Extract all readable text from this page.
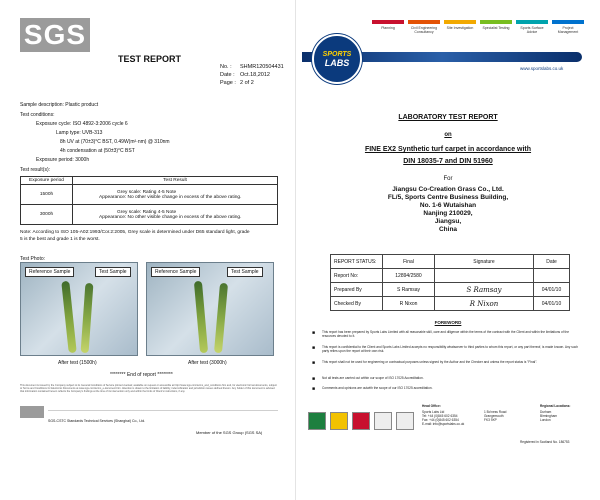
SGS
TEST REPORT
No. : SHMR120504431
Date : Oct.18,2012
Page : 2 of 2
Sample description: Plastic product
Test conditions:
Exposure cycle: ISO 4892-3:2006 cycle 6
Lamp type: UVB-313
8h UV at (70±3)°C BST, 0.49W(m²·nm) @ 310nm
4h condensation at (50±3)°C BST
Exposure period: 3000h
Test result(s):
Exposure period	Test Result
1500h	Grey scale: Rating 4-5 Note
Appearance: No other visible change in excess of the above rating.

3000h	Grey scale: Rating 4-5 Note
Appearance: No other visible change in excess of the above rating.
Note: According to ISO 105-A02:1993/Cor.2:2005, Grey scale is determined under D65 standard light, grade
5 is the best and grade 1 is the worst.
Test Photo:
Reference Sample	Test Sample
After test (1500h)
Reference Sample	Test Sample
After test (3000h)
******** End of report ********
This document is issued by the Company subject to its General Conditions of Service printed overleaf, available on request or accessible at http://www.sgs.com/terms_and_conditions.htm and, for electronic format documents, subject to Terms and Conditions for Electronic Documents at www.sgs.com/terms_e-document.htm. Attention is drawn to the limitation of liability, indemnification and jurisdiction issues defined therein. Any holder of this document is advised that information contained hereon reflects the Company's findings at the time of its intervention only and within the limits of Client's instructions, if any.
SGS-CSTC Standards Technical Services (Shanghai) Co., Ltd.
Member of the SGS Group (SGS SA)
Planning	Civil Engineering Consultancy
Site Investigation	Specialist Testing	Sports Surface Advice
Project Management
SPORTS
LABS
www.sportslabs.co.uk
LABORATORY TEST REPORT
on
FINE EX2 Synthetic turf carpet in accordance with
DIN 18035-7 and DIN 51960
For
Jiangsu Co-Creation Grass Co., Ltd.
FL/5, Sports Centre Business Building,
No. 1-6 Wutaishan
Nanjing 210029,
Jiangsu,
China
REPORT STATUS:	Final	Signature	Date
Report No:	12894/2580		
Prepared By	S Ramsay	S Ramsay	04/01/10
Checked By	R Nixon	R Nixon	04/01/10
FOREWORD
■ This report has been prepared by Sports Labs Limited with all reasonable skill, care and diligence within the terms of the contract with the Client and within the limitations of the resources devoted to it.
■ This report is confidential to the Client and Sports Labs Limited accepts no responsibility whatsoever to third parties to whom this report, or any part thereof, is made known. Any such party relies upon the report at their own risk.
■ This report shall not be used for engineering or contractual purposes unless signed by the Author and the Checker and unless the report status is "Final".
■ Not all tests are carried out within our scope of ISO 17025 Accreditation.
■ Comments and opinions are outwith the scope of our ISO 17025 accreditation.
Head Office:
Sports Labs Ltd
Tel: +44 (0)845 602 6354
Fax: +44 (0)845 602 6354
E-mail: info@sportslabs.co.uk
1 Bo'ness Road
Grangemouth
FK3 9XP
Regional Locations:
Durham
Birmingham
London
Registered in Scotland No. 186753
